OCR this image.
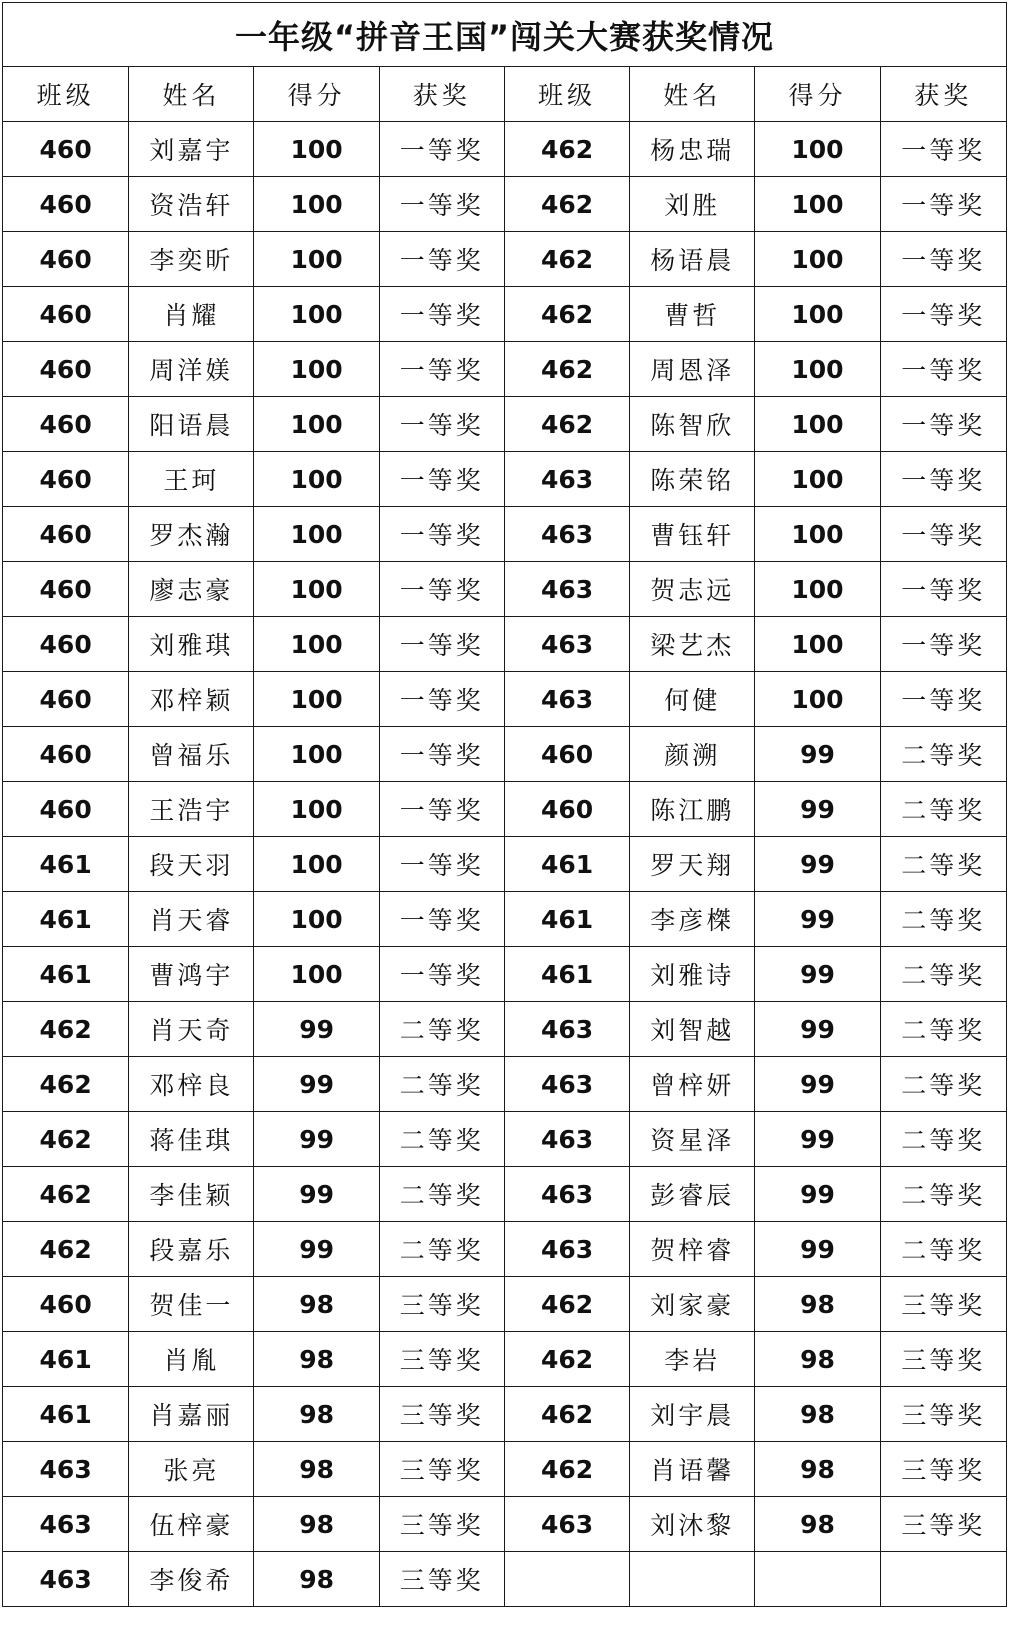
一年级“拼音王国”闯关大赛获奖情况							
班级	姓名	得分	获奖	班级	姓名	得分	获奖
460	刘嘉宇	100	一等奖	462	杨忠瑞	100	一等奖
460	资浩轩	100	一等奖	462	刘胜	100	一等奖
460	李奕昕	100	一等奖	462	杨语晨	100	一等奖
460	肖耀	100	一等奖	462	曹哲	100	一等奖
460	周洋媄	100	一等奖	462	周恩泽	100	一等奖
460	阳语晨	100	一等奖	462	陈智欣	100	一等奖
460	王珂	100	一等奖	463	陈荣铭	100	一等奖
460	罗杰瀚	100	一等奖	463	曹钰轩	100	一等奖
460	廖志豪	100	一等奖	463	贺志远	100	一等奖
460	刘雅琪	100	一等奖	463	梁艺杰	100	一等奖
460	邓梓颖	100	一等奖	463	何健	100	一等奖
460	曾福乐	100	一等奖	460	颜溯	99	二等奖
460	王浩宇	100	一等奖	460	陈江鹏	99	二等奖
461	段天羽	100	一等奖	461	罗天翔	99	二等奖
461	肖天睿	100	一等奖	461	李彦榤	99	二等奖
461	曹鸿宇	100	一等奖	461	刘雅诗	99	二等奖
462	肖天奇	99	二等奖	463	刘智越	99	二等奖
462	邓梓良	99	二等奖	463	曾梓妍	99	二等奖
462	蒋佳琪	99	二等奖	463	资星泽	99	二等奖
462	李佳颖	99	二等奖	463	彭睿辰	99	二等奖
462	段嘉乐	99	二等奖	463	贺梓睿	99	二等奖
460	贺佳一	98	三等奖	462	刘家豪	98	三等奖
461	肖胤	98	三等奖	462	李岩	98	三等奖
461	肖嘉丽	98	三等奖	462	刘宇晨	98	三等奖
463	张亮	98	三等奖	462	肖语馨	98	三等奖
463	伍梓豪	98	三等奖	463	刘沐黎	98	三等奖
463	李俊希	98	三等奖				
